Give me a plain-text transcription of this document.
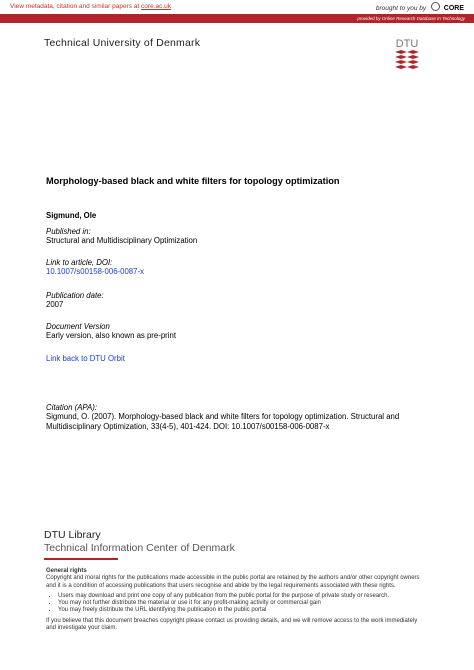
View metadata, citation and similar papers at core.ac.uk	brought to you by	CORE
provided by Online Research Database In Technology
Technical University of Denmark	DTU
Morphology-based black and white filters for topology optimization
Sigmund, Ole
Published in:
Structural and Multidisciplinary Optimization
Link to article, DOI:
10.1007/s00158-006-0087-x
Publication date:
2007
Document Version
Early version, also known as pre-print
Link back to DTU Orbit
Citation (APA):
Sigmund, O. (2007). Morphology-based black and white filters for topology optimization. Structural and
Multidisciplinary Optimization, 33(4-5), 401-424. DOI: 10.1007/s00158-006-0087-x
DTU Library
Technical Information Center of Denmark
General rights
Copyright and moral rights for the publications made accessible in the public portal are retained by the authors and/or other copyright owners
and it is a condition of accessing publications that users recognise and abide by the legal requirements associated with these rights.
• Users may download and print one copy of any publication from the public portal for the purpose of private study or research.
• You may not further distribute the material or use it for any profit-making activity or commercial gain
• You may freely distribute the URL identifying the publication in the public portal
If you believe that this document breaches copyright please contact us providing details, and we will remove access to the work immediately
and investigate your claim.
